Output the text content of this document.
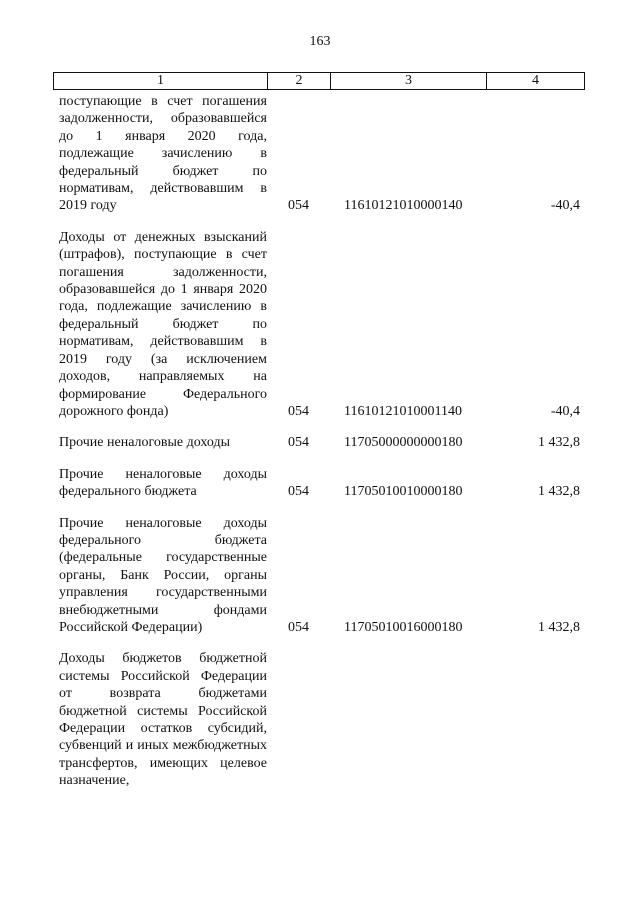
163
1	2	3	4
поступающие в счет погашения задолженности, образовавшейся до 1 января 2020 года, подлежащие зачислению в федеральный бюджет по нормативам, действовавшим в 2019 году	054	11610121010000140	-40,4
Доходы от денежных взысканий (штрафов), поступающие в счет погашения задолженности, образовавшейся до 1 января 2020 года, подлежащие зачислению в федеральный бюджет по нормативам, действовавшим в 2019 году (за исключением доходов, направляемых на формирование Федерального дорожного фонда)	054	11610121010001140	-40,4
Прочие неналоговые доходы	054	11705000000000180	1 432,8
Прочие неналоговые доходы федерального бюджета	054	11705010010000180	1 432,8
Прочие неналоговые доходы федерального бюджета (федеральные государственные органы, Банк России, органы управления государственными внебюджетными фондами Российской Федерации)	054	11705010016000180	1 432,8
Доходы бюджетов бюджетной системы Российской Федерации от возврата бюджетами бюджетной системы Российской Федерации остатков субсидий, субвенций и иных межбюджетных трансфертов, имеющих целевое назначение,
